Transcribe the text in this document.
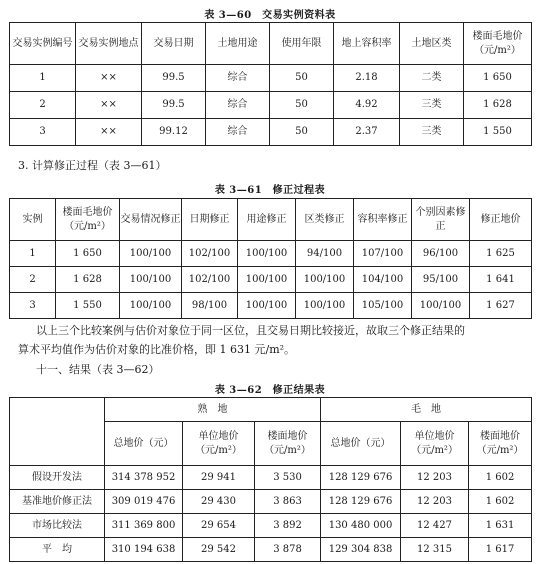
表 3—60　交易实例资料表
交易实例编号	交易实例地点	交易日期	土地用途	使用年限	地上容积率	土地区类	楼面毛地价（元/m²）
1	××	99.5	综合	50	2.18	二类	1 650
2	××	99.5	综合	50	4.92	三类	1 628
3	××	99.12	综合	50	2.37	三类	1 550
3. 计算修正过程（表 3—61）
表 3—61　修正过程表
实例	楼面毛地价（元/m²）	交易情况修正	日期修正	用途修正	区类修正	容积率修正	个别因素修正	修正地价
1	1 650	100/100	102/100	100/100	94/100	107/100	96/100	1 625
2	1 628	100/100	102/100	100/100	100/100	104/100	95/100	1 641
3	1 550	100/100	98/100	100/100	100/100	105/100	100/100	1 627
以上三个比较案例与估价对象位于同一区位，且交易日期比较接近，故取三个修正结果的
算术平均值作为估价对象的比准价格，即 1 631 元/m²。
十一、结果（表 3—62）
表 3—62　修正结果表
	熟　地			毛　地		
	总地价（元）	单位地价（元/m²）	楼面地价（元/m²）	总地价（元）	单位地价（元/m²）	楼面地价（元/m²）
假设开发法	314 378 952	29 941	3 530	128 129 676	12 203	1 602
基准地价修正法	309 019 476	29 430	3 863	128 129 676	12 203	1 602
市场比较法	311 369 800	29 654	3 892	130 480 000	12 427	1 631
平　均	310 194 638	29 542	3 878	129 304 838	12 315	1 617
